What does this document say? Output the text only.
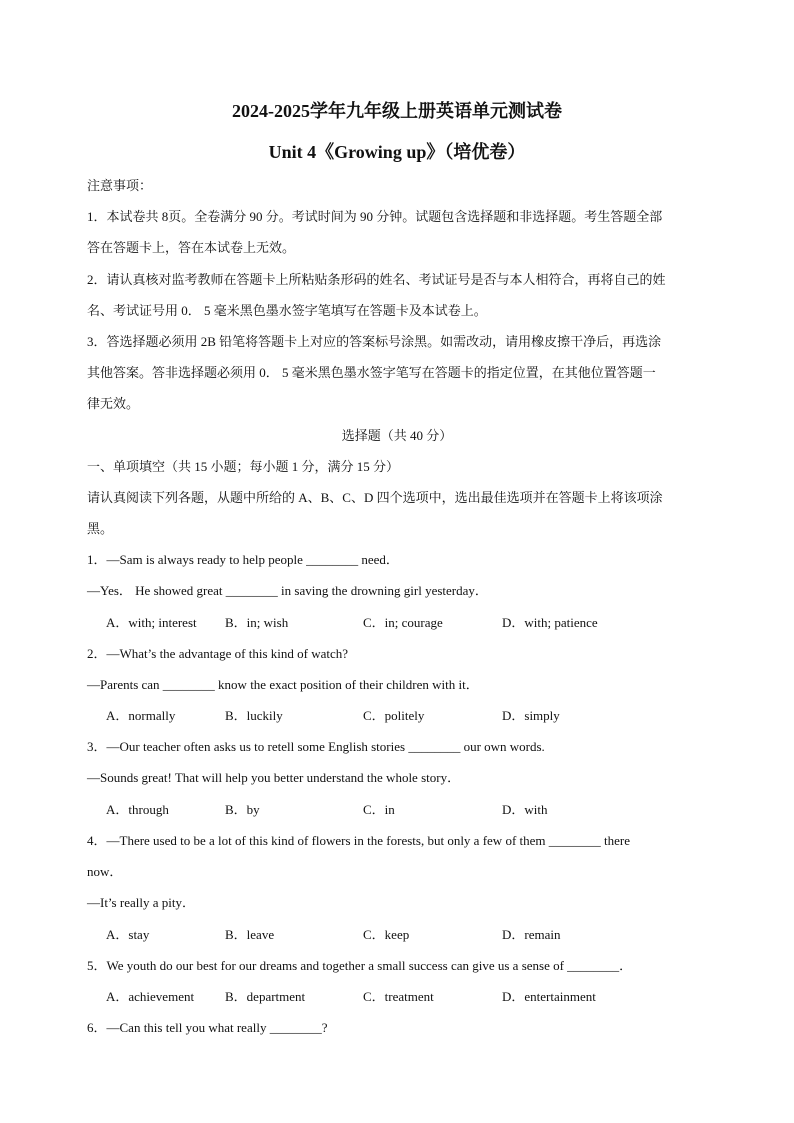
2024-2025学年九年级上册英语单元测试卷
Unit 4《Growing up》（培优卷）
注意事项：
1．本试卷共 8页。全卷满分 90 分。考试时间为 90 分钟。试题包含选择题和非选择题。考生答题全部
答在答题卡上，答在本试卷上无效。
2．请认真核对监考教师在答题卡上所粘贴条形码的姓名、考试证号是否与本人相符合，再将自己的姓
名、考试证号用 0． 5 毫米黑色墨水签字笔填写在答题卡及本试卷上。
3．答选择题必须用 2B 铅笔将答题卡上对应的答案标号涂黑。如需改动，请用橡皮擦干净后，再选涂
其他答案。答非选择题必须用 0． 5 毫米黑色墨水签字笔写在答题卡的指定位置，在其他位置答题一
律无效。
选择题（共 40 分）
一、单项填空（共 15 小题；每小题 1 分，满分 15 分）
请认真阅读下列各题，从题中所给的 A、B、C、D 四个选项中，选出最佳选项并在答题卡上将该项涂
黑。
1．—Sam is always ready to help people ________ need．
—Yes． He showed great ________ in saving the drowning girl yesterday．
A．with; interest B．in; wish	C．in; courage	D．with; patience
2．—What’s the advantage of this kind of watch?
—Parents can ________ know the exact position of their children with it．
A．normally	B．luckily	C．politely	D．simply
3．—Our teacher often asks us to retell some English stories ________ our own words.
—Sounds great! That will help you better understand the whole story．
A．through	B．by	C．in	D．with
4．—There used to be a lot of this kind of flowers in the forests, but only a few of them ________ there
now．
—It’s really a pity．
A．stay	B．leave	C．keep	D．remain
5．We youth do our best for our dreams and together a small success can give us a sense of ________．
A．achievement B．department	C．treatment	D．entertainment
6．—Can this tell you what really ________?
